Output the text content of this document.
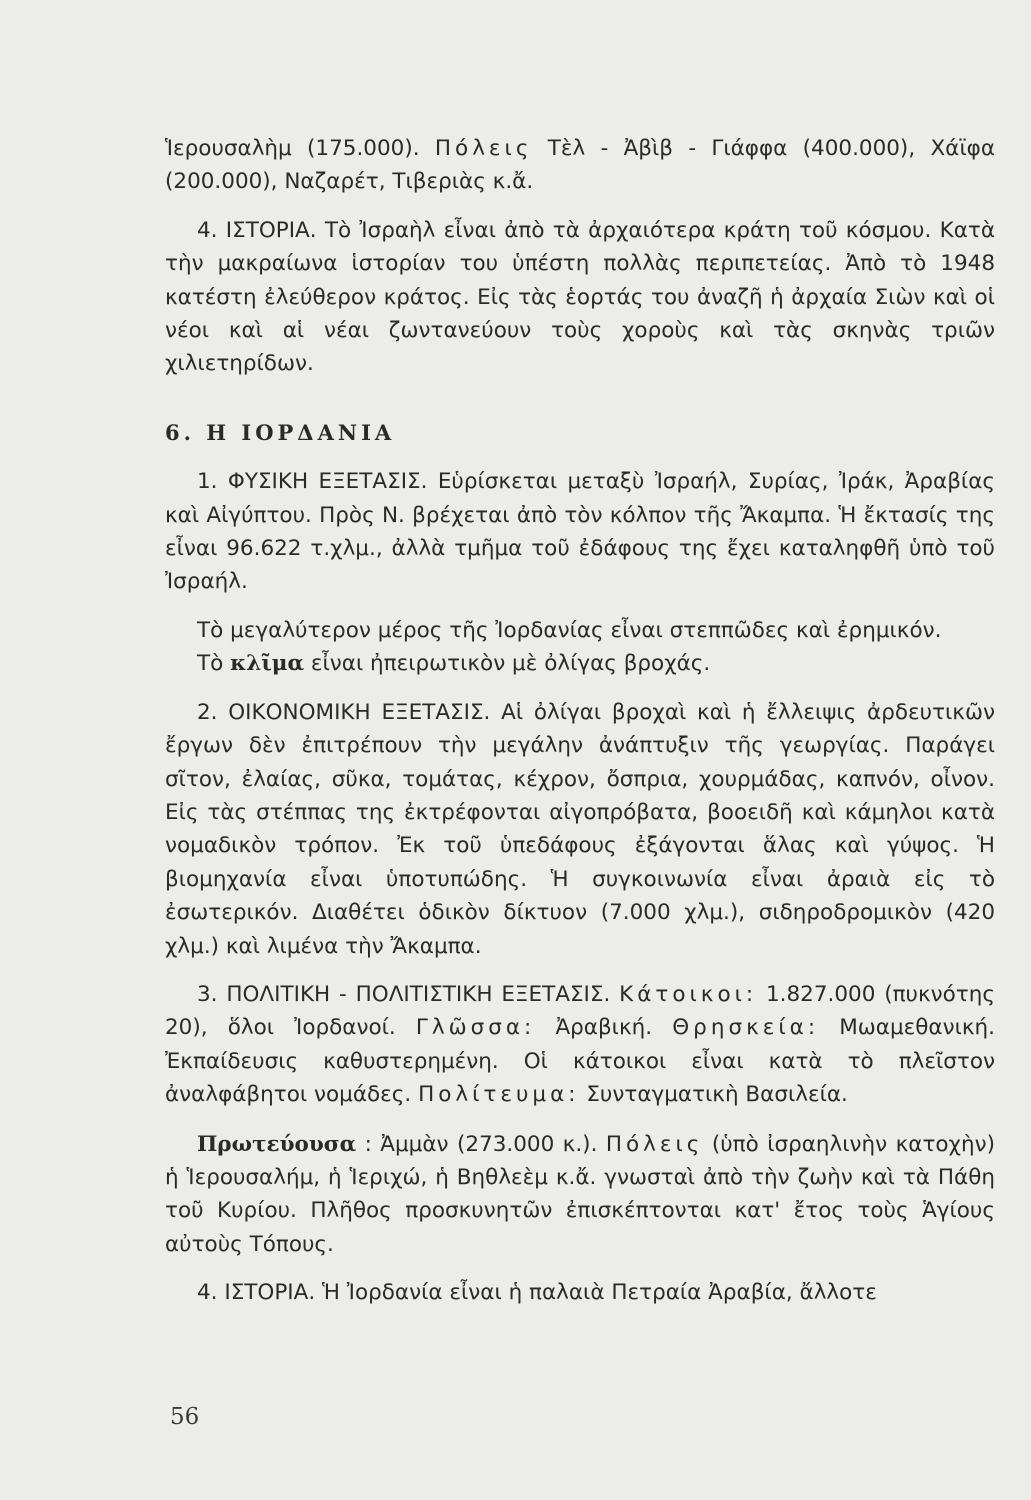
Ἱερουσαλὴμ (175.000). Πόλεις Τὲλ - Ἀβὶβ - Γιάφφα (400.000), Χάϊφα (200.000), Ναζαρέτ, Τιβεριὰς κ.ἄ.

4. ΙΣΤΟΡΙΑ. Τὸ Ἰσραὴλ εἶναι ἀπὸ τὰ ἀρχαιότερα κράτη τοῦ κόσμου. Κατὰ τὴν μακραίωνα ἱστορίαν του ὑπέστη πολλὰς περιπετείας. Ἀπὸ τὸ 1948 κατέστη ἐλεύθερον κράτος. Εἰς τὰς ἑορτάς του ἀναζῆ ἡ ἀρχαία Σιὼν καὶ οἱ νέοι καὶ αἱ νέαι ζωντανεύουν τοὺς χοροὺς καὶ τὰς σκηνὰς τριῶν χιλιετηρίδων.

6. Η ΙΟΡΔΑΝΙΑ

1. ΦΥΣΙΚΗ ΕΞΕΤΑΣΙΣ. Εὑρίσκεται μεταξὺ Ἰσραήλ, Συρίας, Ἰράκ, Ἀραβίας καὶ Αἰγύπτου. Πρὸς Ν. βρέχεται ἀπὸ τὸν κόλπον τῆς Ἄκαμπα. Ἡ ἔκτασίς της εἶναι 96.622 τ.χλμ., ἀλλὰ τμῆμα τοῦ ἐδάφους της ἔχει καταληφθῆ ὑπὸ τοῦ Ἰσραήλ.

Τὸ μεγαλύτερον μέρος τῆς Ἰορδανίας εἶναι στεππῶδες καὶ ἐρημικόν.

Τὸ κλῖμα εἶναι ἠπειρωτικὸν μὲ ὀλίγας βροχάς.

2. ΟΙΚΟΝΟΜΙΚΗ ΕΞΕΤΑΣΙΣ. Αἱ ὀλίγαι βροχαὶ καὶ ἡ ἔλλειψις ἀρδευτικῶν ἔργων δὲν ἐπιτρέπουν τὴν μεγάλην ἀνάπτυξιν τῆς γεωργίας. Παράγει σῖτον, ἐλαίας, σῦκα, τομάτας, κέχρον, ὄσπρια, χουρμάδας, καπνόν, οἶνον. Εἰς τὰς στέππας της ἐκτρέφονται αἰγοπρόβατα, βοοειδῆ καὶ κάμηλοι κατὰ νομαδικὸν τρόπον. Ἐκ τοῦ ὑπεδάφους ἐξάγονται ἅλας καὶ γύψος. Ἡ βιομηχανία εἶναι ὑποτυπώδης. Ἡ συγκοινωνία εἶναι ἀραιὰ εἰς τὸ ἐσωτερικόν. Διαθέτει ὁδικὸν δίκτυον (7.000 χλμ.), σιδηροδρομικὸν (420 χλμ.) καὶ λιμένα τὴν Ἄκαμπα.

3. ΠΟΛΙΤΙΚΗ - ΠΟΛΙΤΙΣΤΙΚΗ ΕΞΕΤΑΣΙΣ. Κάτοικοι: 1.827.000 (πυκνότης 20), ὅλοι Ἰορδανοί. Γλῶσσα: Ἀραβική. Θρησκεία: Μωαμεθανική. Ἐκπαίδευσις καθυστερημένη. Οἱ κάτοικοι εἶναι κατὰ τὸ πλεῖστον ἀναλφάβητοι νομάδες. Πολίτευμα: Συνταγματικὴ Βασιλεία.

Πρωτεύουσα : Ἀμμὰν (273.000 κ.). Πόλεις (ὑπὸ ἰσραηλινὴν κατοχὴν) ἡ Ἱερουσαλήμ, ἡ Ἱεριχώ, ἡ Βηθλεὲμ κ.ἄ. γνωσταὶ ἀπὸ τὴν ζωὴν καὶ τὰ Πάθη τοῦ Κυρίου. Πλῆθος προσκυνητῶν ἐπισκέπτονται κατ' ἔτος τοὺς Ἁγίους αὐτοὺς Τόπους.

4. ΙΣΤΟΡΙΑ. Ἡ Ἰορδανία εἶναι ἡ παλαιὰ Πετραία Ἀραβία, ἄλλοτε

56
